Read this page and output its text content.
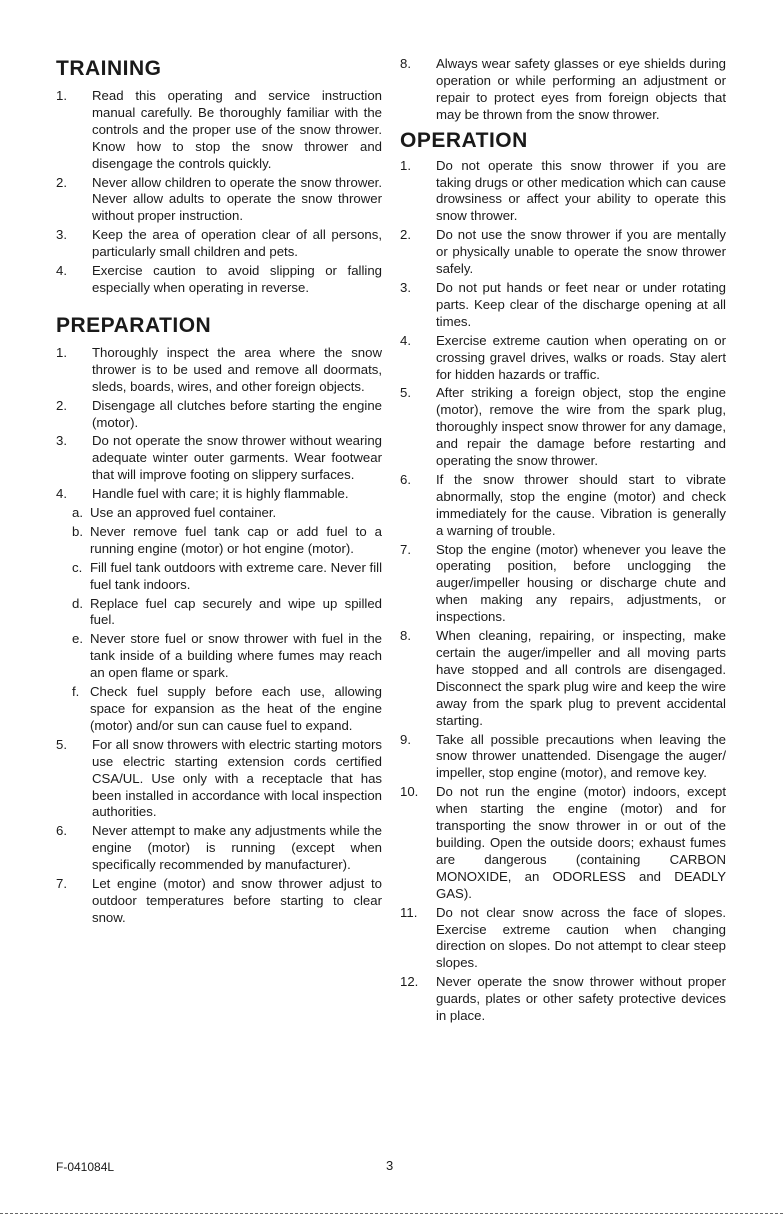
TRAINING
1. Read this operating and service instruction manual carefully. Be thoroughly familiar with the controls and the proper use of the snow thrower. Know how to stop the snow thrower and disengage the controls quickly.
2. Never allow children to operate the snow thrower. Never allow adults to operate the snow thrower without proper instruction.
3. Keep the area of operation clear of all persons, particularly small children and pets.
4. Exercise caution to avoid slipping or falling especially when operating in reverse.
PREPARATION
1. Thoroughly inspect the area where the snow thrower is to be used and remove all doormats, sleds, boards, wires, and other foreign objects.
2. Disengage all clutches before starting the engine (motor).
3. Do not operate the snow thrower without wearing adequate winter outer garments. Wear footwear that will improve footing on slippery surfaces.
4. Handle fuel with care; it is highly flammable.
a. Use an approved fuel container.
b. Never remove fuel tank cap or add fuel to a running engine (motor) or hot engine (motor).
c. Fill fuel tank outdoors with extreme care. Never fill fuel tank indoors.
d. Replace fuel cap securely and wipe up spilled fuel.
e. Never store fuel or snow thrower with fuel in the tank inside of a building where fumes may reach an open flame or spark.
f. Check fuel supply before each use, allowing space for expansion as the heat of the engine (motor) and/or sun can cause fuel to expand.
5. For all snow throwers with electric starting motors use electric starting extension cords certified CSA/UL. Use only with a receptacle that has been installed in accordance with local inspection authorities.
6. Never attempt to make any adjustments while the engine (motor) is running (except when specifically recommended by manufacturer).
7. Let engine (motor) and snow thrower adjust to outdoor temperatures before starting to clear snow.
8. Always wear safety glasses or eye shields during operation or while performing an adjustment or repair to protect eyes from foreign objects that may be thrown from the snow thrower.
OPERATION
1. Do not operate this snow thrower if you are taking drugs or other medication which can cause drowsiness or affect your ability to operate this snow thrower.
2. Do not use the snow thrower if you are mentally or physically unable to operate the snow thrower safely.
3. Do not put hands or feet near or under rotating parts. Keep clear of the discharge opening at all times.
4. Exercise extreme caution when operating on or crossing gravel drives, walks or roads. Stay alert for hidden hazards or traffic.
5. After striking a foreign object, stop the engine (motor), remove the wire from the spark plug, thoroughly inspect snow thrower for any damage, and repair the damage before restarting and operating the snow thrower.
6. If the snow thrower should start to vibrate abnormally, stop the engine (motor) and check immediately for the cause. Vibration is generally a warning of trouble.
7. Stop the engine (motor) whenever you leave the operating position, before unclogging the auger/impeller housing or discharge chute and when making any repairs, adjustments, or inspections.
8. When cleaning, repairing, or inspecting, make certain the auger/impeller and all moving parts have stopped and all controls are disengaged. Disconnect the spark plug wire and keep the wire away from the spark plug to prevent accidental starting.
9. Take all possible precautions when leaving the snow thrower unattended. Disengage the auger/ impeller, stop engine (motor), and remove key.
10. Do not run the engine (motor) indoors, except when starting the engine (motor) and for transporting the snow thrower in or out of the building. Open the outside doors; exhaust fumes are dangerous (containing CARBON MONOXIDE, an ODORLESS and DEADLY GAS).
11. Do not clear snow across the face of slopes. Exercise extreme caution when changing direction on slopes. Do not attempt to clear steep slopes.
12. Never operate the snow thrower without proper guards, plates or other safety protective devices in place.
F-041084L	3
